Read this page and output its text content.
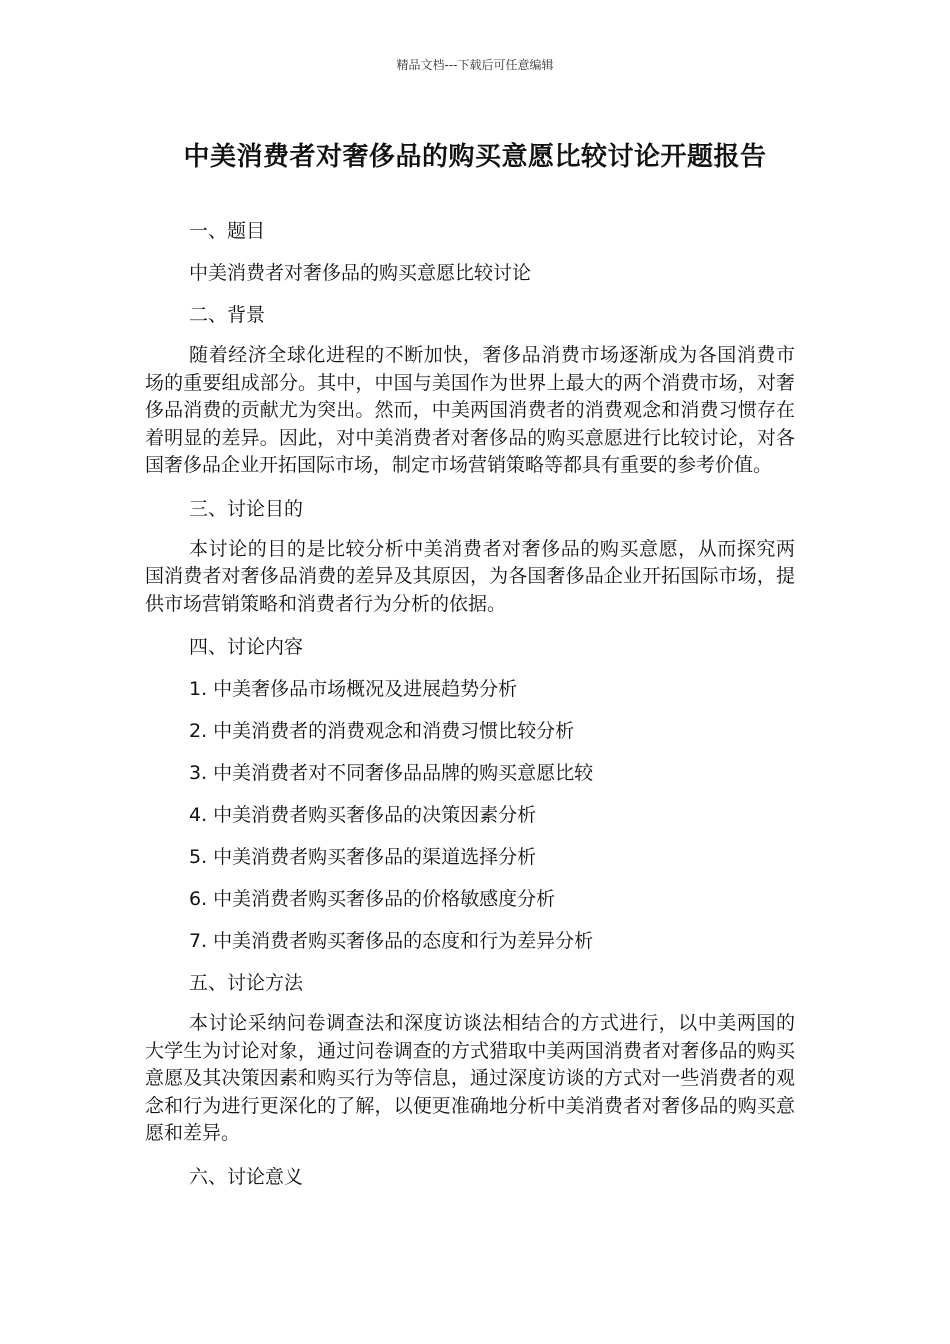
精品文档---下载后可任意编辑
中美消费者对奢侈品的购买意愿比较讨论开题报告

一、题目

中美消费者对奢侈品的购买意愿比较讨论

二、背景

随着经济全球化进程的不断加快，奢侈品消费市场逐渐成为各国消费市场的重要组成部分。其中，中国与美国作为世界上最大的两个消费市场，对奢侈品消费的贡献尤为突出。然而，中美两国消费者的消费观念和消费习惯存在着明显的差异。因此，对中美消费者对奢侈品的购买意愿进行比较讨论，对各国奢侈品企业开拓国际市场，制定市场营销策略等都具有重要的参考价值。

三、讨论目的

本讨论的目的是比较分析中美消费者对奢侈品的购买意愿，从而探究两国消费者对奢侈品消费的差异及其原因，为各国奢侈品企业开拓国际市场，提供市场营销策略和消费者行为分析的依据。

四、讨论内容

1. 中美奢侈品市场概况及进展趋势分析

2. 中美消费者的消费观念和消费习惯比较分析

3. 中美消费者对不同奢侈品品牌的购买意愿比较

4. 中美消费者购买奢侈品的决策因素分析

5. 中美消费者购买奢侈品的渠道选择分析

6. 中美消费者购买奢侈品的价格敏感度分析

7. 中美消费者购买奢侈品的态度和行为差异分析

五、讨论方法

本讨论采纳问卷调查法和深度访谈法相结合的方式进行，以中美两国的大学生为讨论对象，通过问卷调查的方式猎取中美两国消费者对奢侈品的购买意愿及其决策因素和购买行为等信息，通过深度访谈的方式对一些消费者的观念和行为进行更深化的了解，以便更准确地分析中美消费者对奢侈品的购买意愿和差异。

六、讨论意义
